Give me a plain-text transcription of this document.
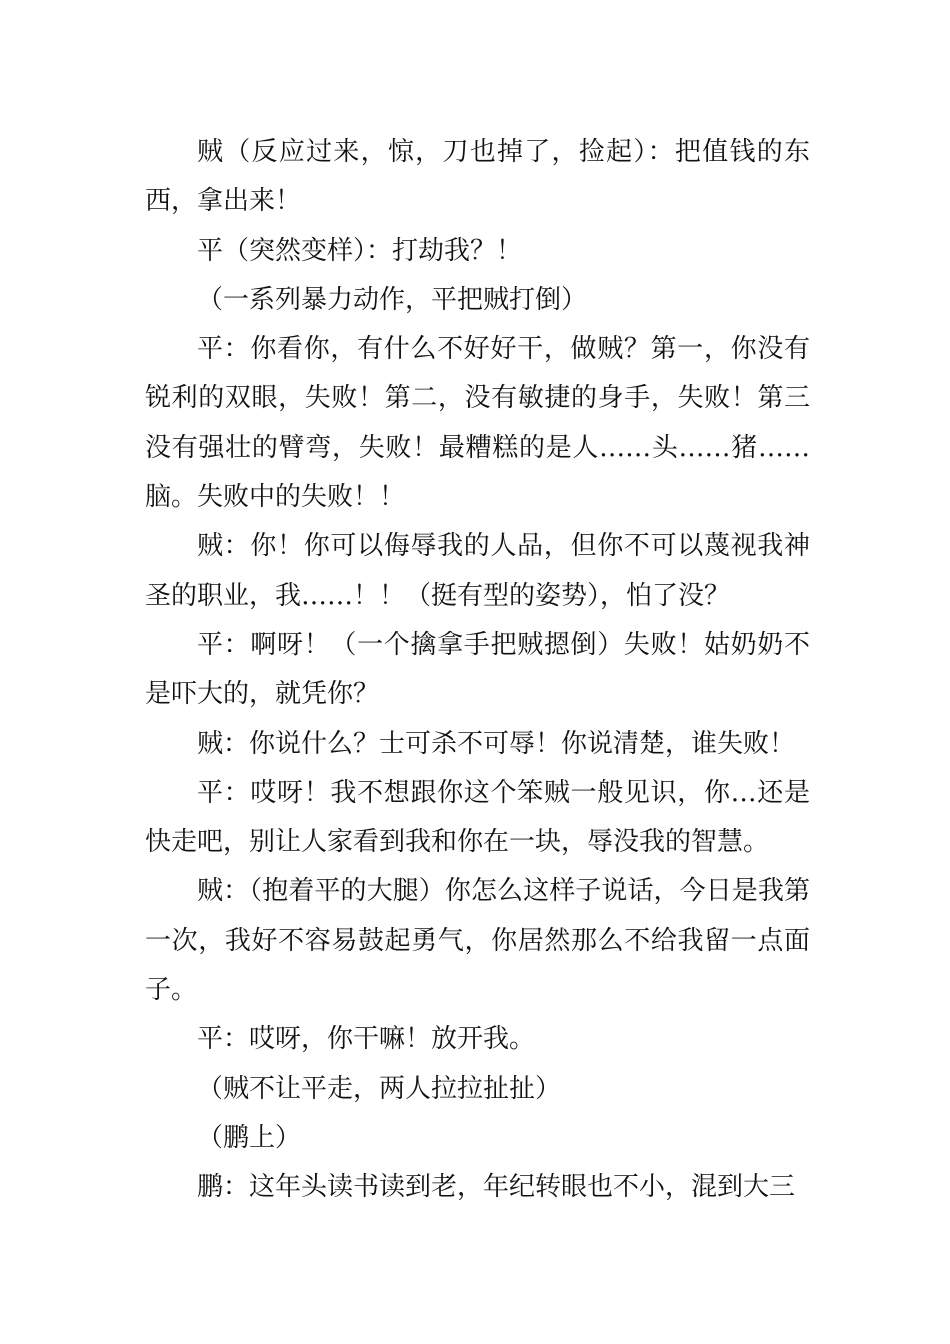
贼（反应过来，惊，刀也掉了，捡起）：把值钱的东西，拿出来！

平（突然变样）：打劫我？！

（一系列暴力动作，平把贼打倒）

平：你看你，有什么不好好干，做贼？第一，你没有锐利的双眼，失败！第二，没有敏捷的身手，失败！第三没有强壮的臂弯，失败！最糟糕的是人……头……猪……脑。失败中的失败！！

贼：你！你可以侮辱我的人品，但你不可以蔑视我神圣的职业，我……！！（挺有型的姿势），怕了没？

平：啊呀！（一个擒拿手把贼摁倒）失败！姑奶奶不是吓大的，就凭你？

贼：你说什么？士可杀不可辱！你说清楚，谁失败！

平：哎呀！我不想跟你这个笨贼一般见识，你…还是快走吧，别让人家看到我和你在一块，辱没我的智慧。

贼：（抱着平的大腿）你怎么这样子说话，今日是我第一次，我好不容易鼓起勇气，你居然那么不给我留一点面子。

平：哎呀，你干嘛！放开我。

（贼不让平走，两人拉拉扯扯）

（鹏上）

鹏：这年头读书读到老，年纪转眼也不小，混到大三
